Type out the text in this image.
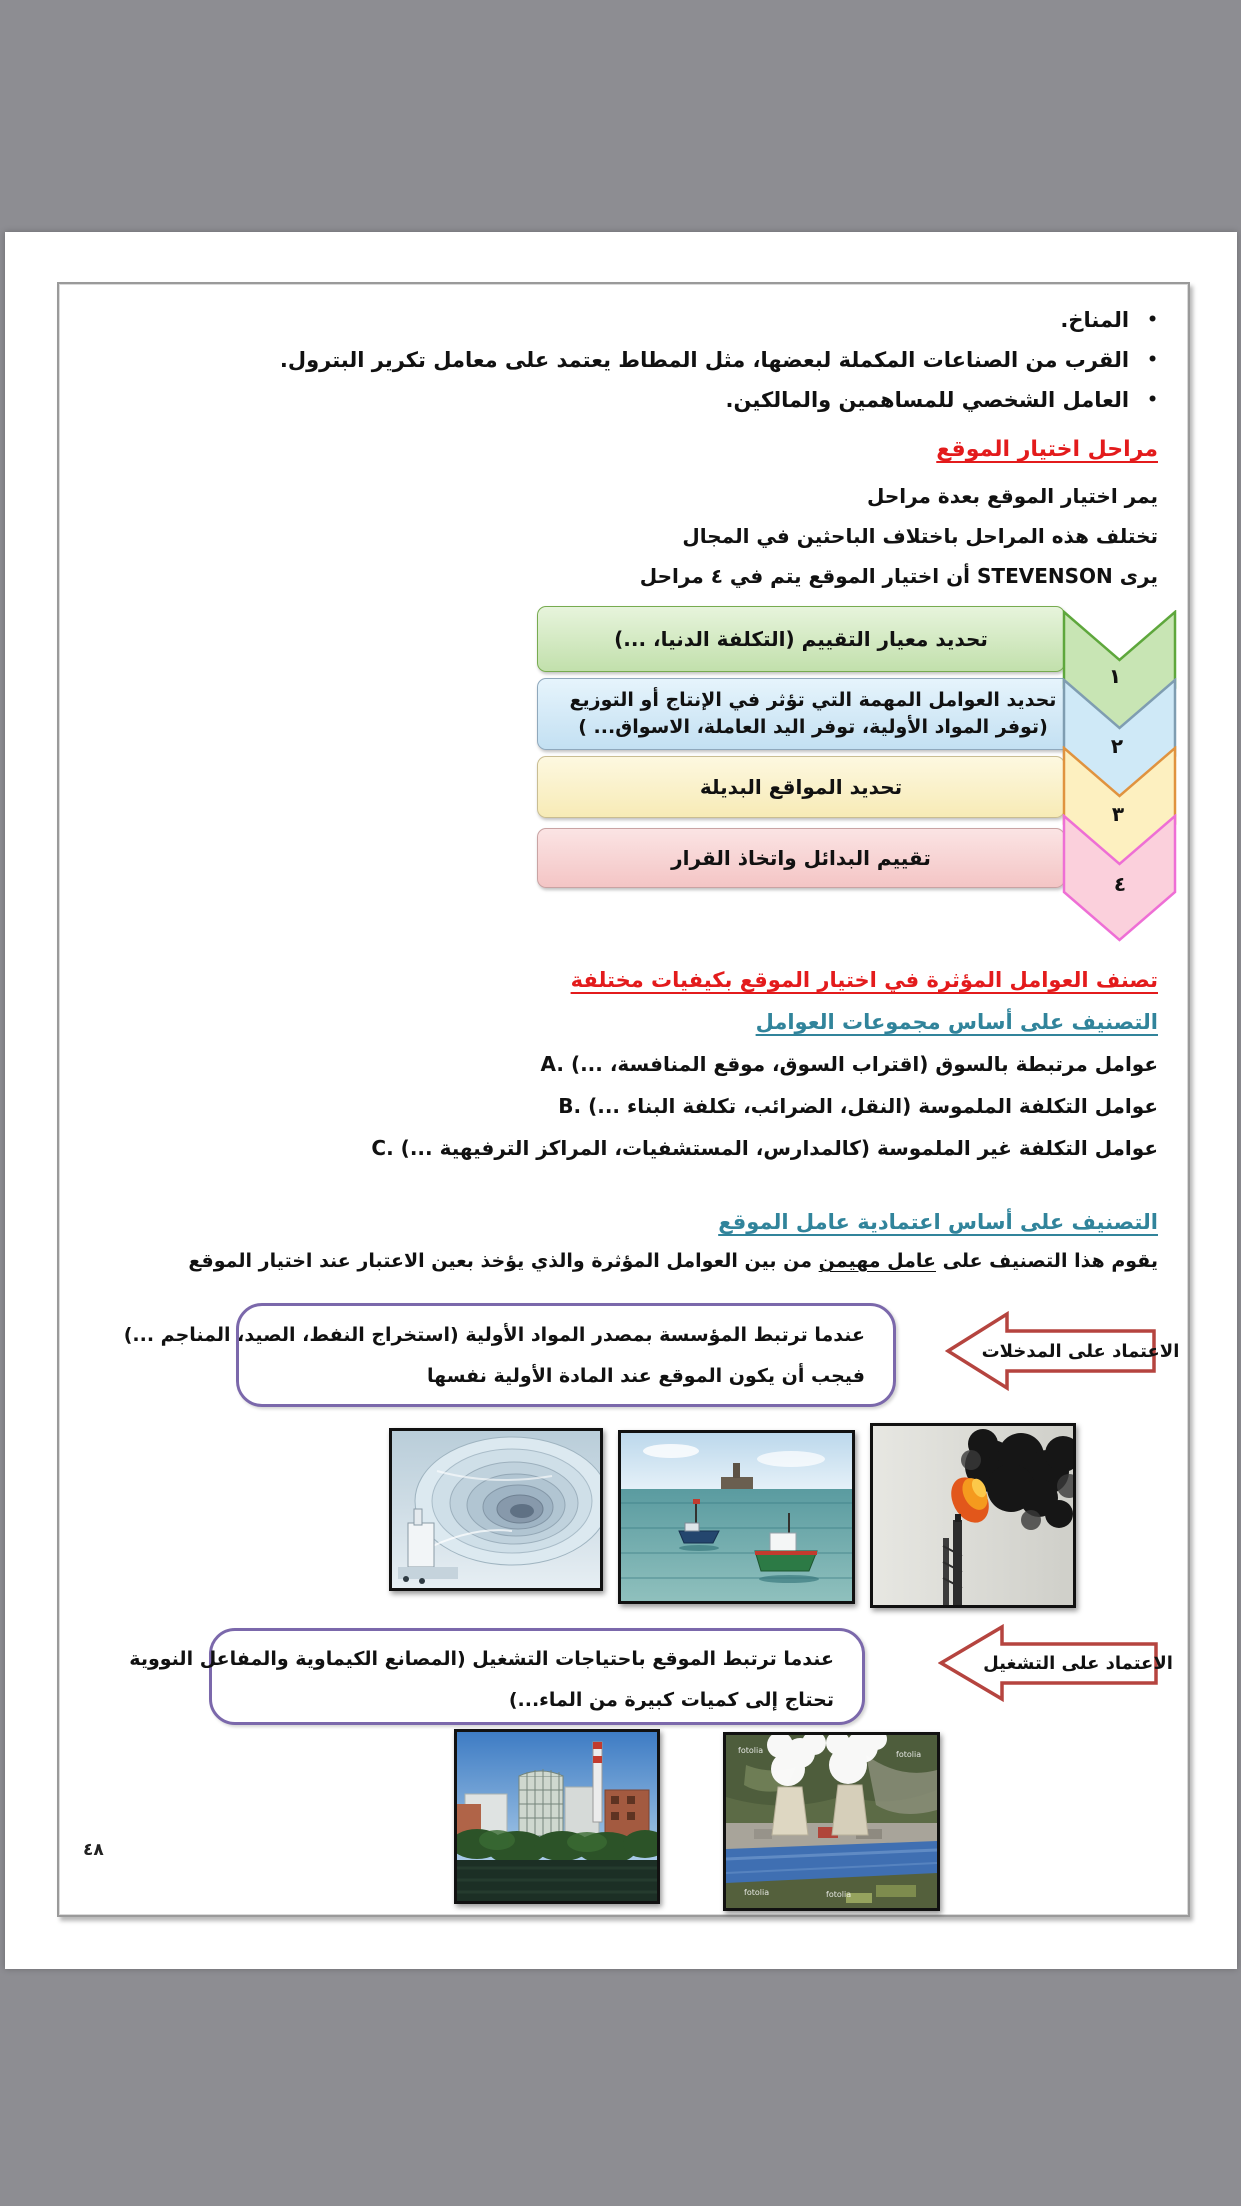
•المناخ.
•القرب من الصناعات المكملة لبعضها، مثل المطاط يعتمد على معامل تكرير البترول.
•العامل الشخصي للمساهمين والمالكين.
مراحل اختيار الموقع
يمر اختيار الموقع بعدة مراحل
تختلف هذه المراحل باختلاف الباحثين في المجال
يرى STEVENSON أن اختيار الموقع يتم في ٤ مراحل
تحديد معيار التقييم (التكلفة الدنيا، ...)
تحديد العوامل المهمة التي تؤثر في الإنتاج أو التوزيع (توفر المواد الأولية، توفر اليد العاملة، الاسواق... )
تحديد المواقع البديلة
تقييم البدائل واتخاذ القرار
١
٢
٣
٤
تصنف العوامل المؤثرة في اختيار الموقع بكيفيات مختلفة
التصنيف على أساس مجموعات العوامل
A. عوامل مرتبطة بالسوق (اقتراب السوق، موقع المنافسة، ...)
B. عوامل التكلفة الملموسة (النقل، الضرائب، تكلفة البناء ...)
C. عوامل التكلفة غير الملموسة (كالمدارس، المستشفيات، المراكز الترفيهية ...)
التصنيف على أساس اعتمادية عامل الموقع
يقوم هذا التصنيف على عامل مهيمن من بين العوامل المؤثرة والذي يؤخذ بعين الاعتبار عند اختيار الموقع
عندما ترتبط المؤسسة بمصدر المواد الأولية (استخراج النفط، الصيد، المناجم ...)
فيجب أن يكون الموقع عند المادة الأولية نفسها
الاعتماد على المدخلات
عندما ترتبط الموقع باحتياجات التشغيل (المصانع الكيماوية والمفاعل النووية
تحتاج إلى كميات كبيرة من الماء...)
الاعتماد على التشغيل
fotolia	fotolia
fotolia	fotolia
٤٨
